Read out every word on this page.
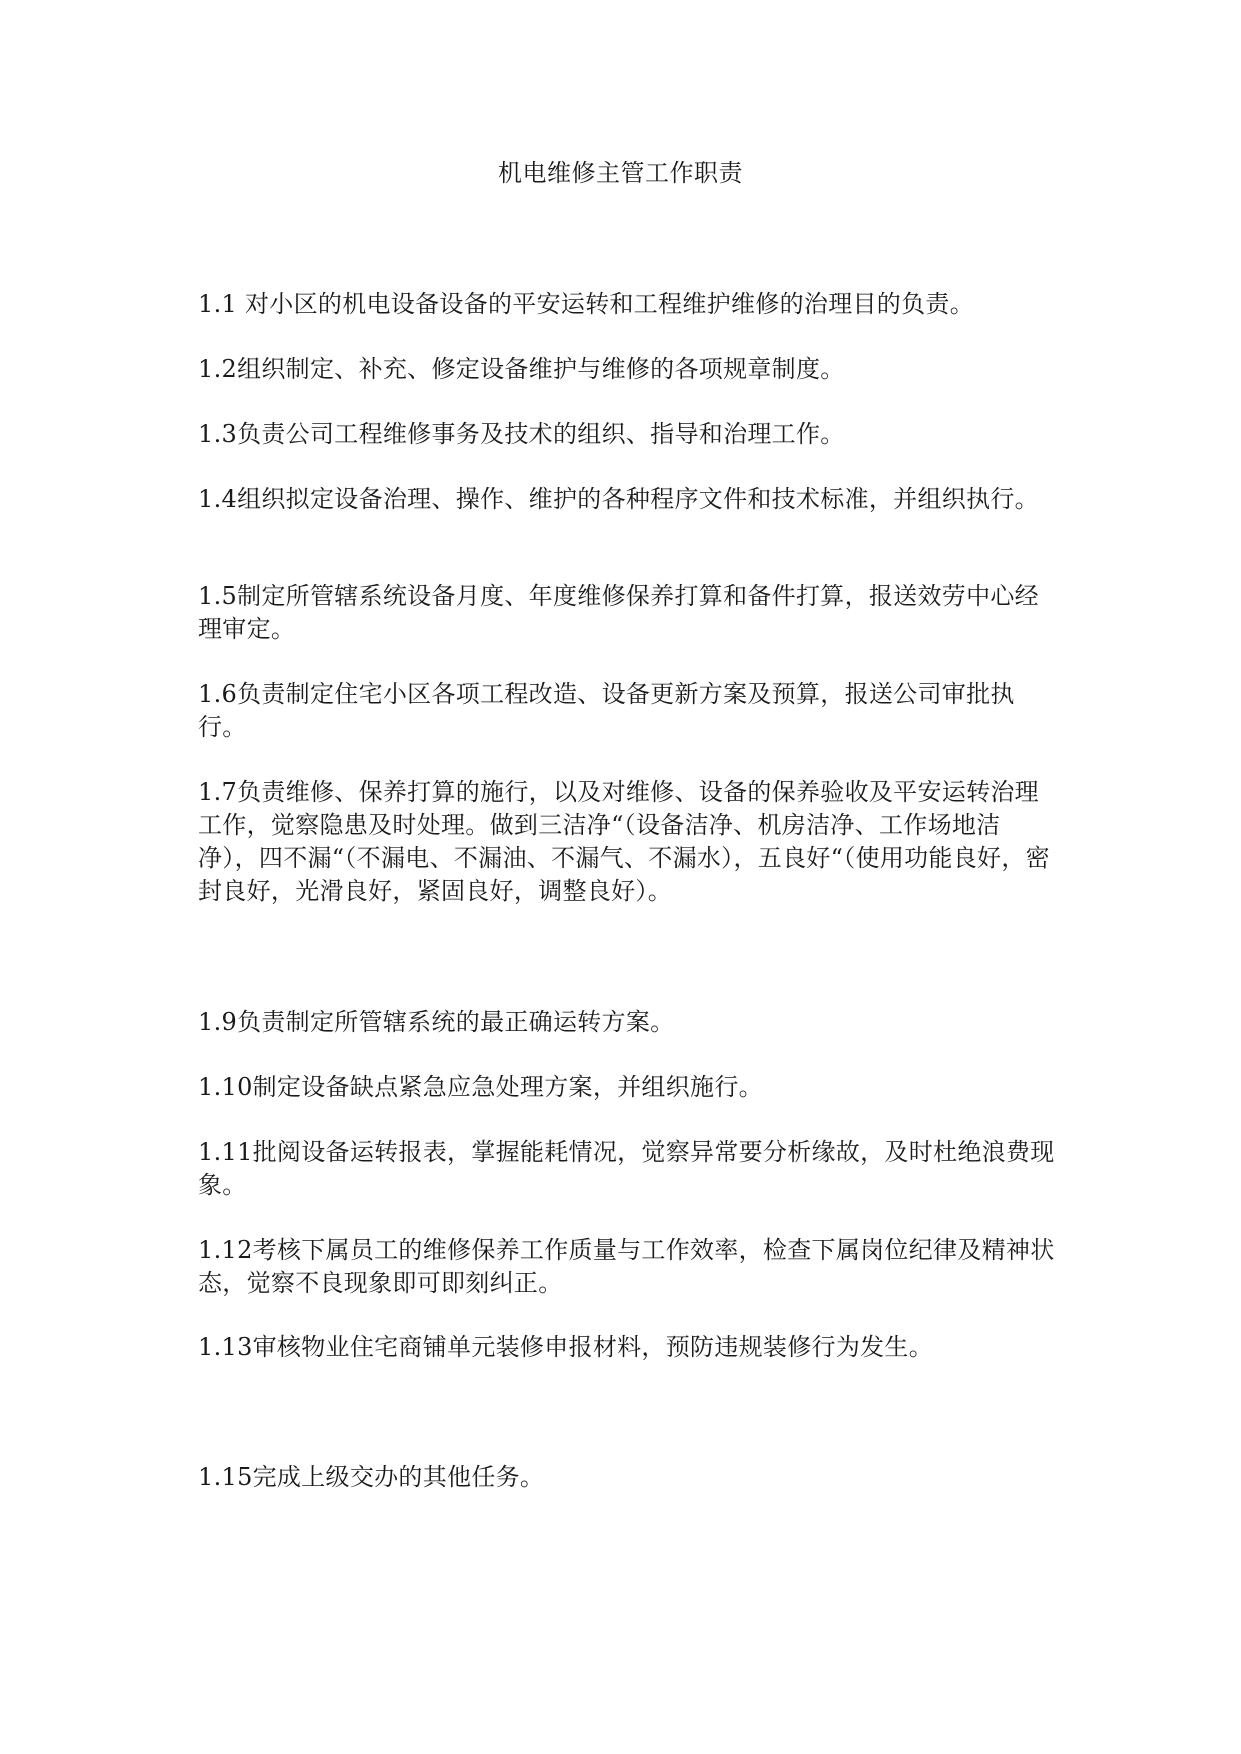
机电维修主管工作职责
1.1 对小区的机电设备设备的平安运转和工程维护维修的治理目的负责。
1.2组织制定、补充、修定设备维护与维修的各项规章制度。
1.3负责公司工程维修事务及技术的组织、指导和治理工作。
1.4组织拟定设备治理、操作、维护的各种程序文件和技术标准，并组织执行。
1.5制定所管辖系统设备月度、年度维修保养打算和备件打算，报送效劳中心经理审定。
1.6负责制定住宅小区各项工程改造、设备更新方案及预算，报送公司审批执行。
1.7负责维修、保养打算的施行，以及对维修、设备的保养验收及平安运转治理工作，觉察隐患及时处理。做到三洁净“（设备洁净、机房洁净、工作场地洁净），四不漏“（不漏电、不漏油、不漏气、不漏水），五良好“（使用功能良好，密封良好，光滑良好，紧固良好，调整良好）。
1.9负责制定所管辖系统的最正确运转方案。
1.10制定设备缺点紧急应急处理方案，并组织施行。
1.11批阅设备运转报表，掌握能耗情况，觉察异常要分析缘故，及时杜绝浪费现象。
1.12考核下属员工的维修保养工作质量与工作效率，检查下属岗位纪律及精神状态，觉察不良现象即可即刻纠正。
1.13审核物业住宅商铺单元装修申报材料，预防违规装修行为发生。
1.15完成上级交办的其他任务。
